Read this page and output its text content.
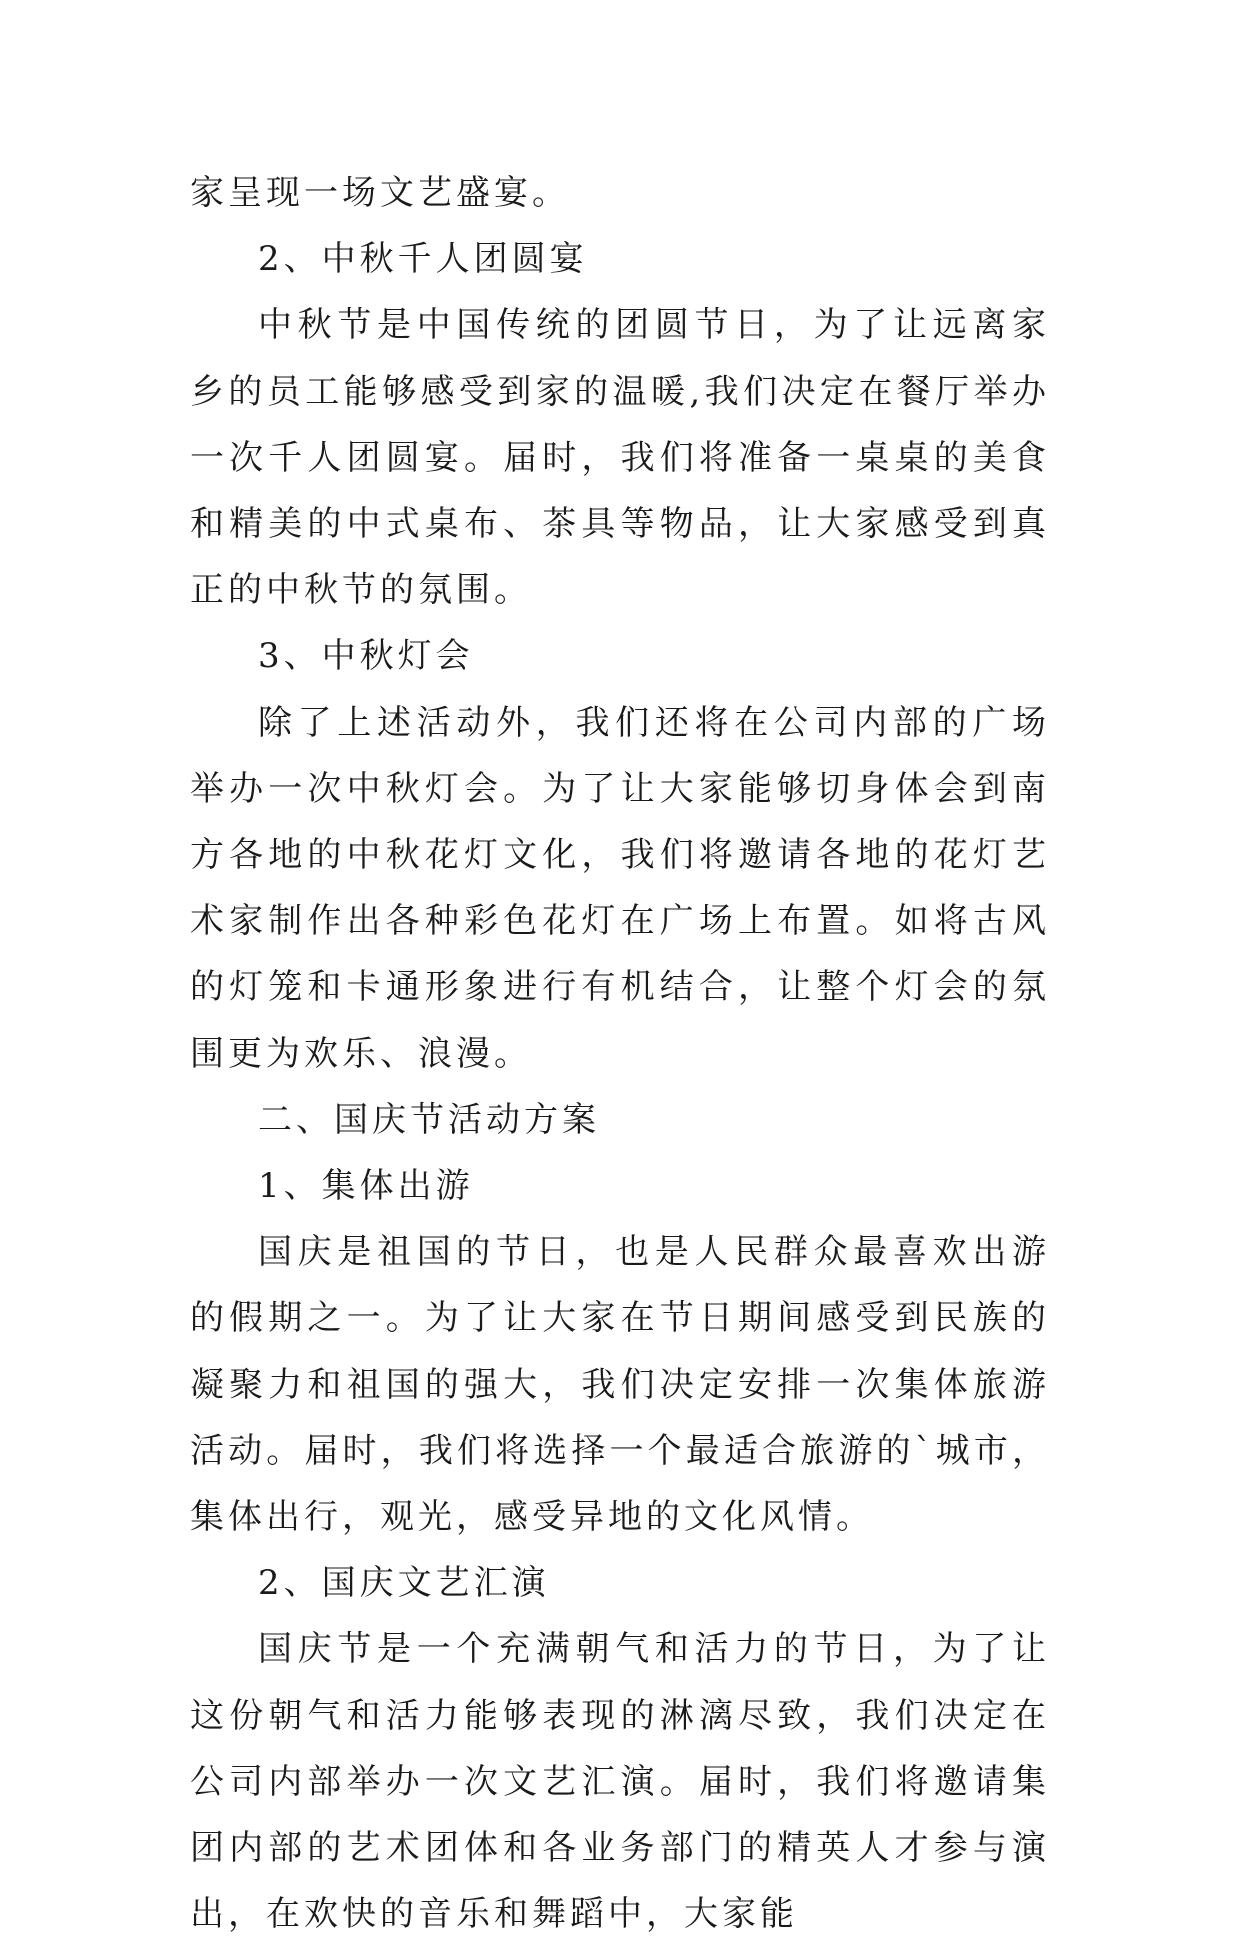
家呈现一场文艺盛宴。

2、中秋千人团圆宴

中秋节是中国传统的团圆节日，为了让远离家乡的员工能够感受到家的温暖,我们决定在餐厅举办一次千人团圆宴。届时，我们将准备一桌桌的美食和精美的中式桌布、茶具等物品，让大家感受到真正的中秋节的氛围。

3、中秋灯会

除了上述活动外，我们还将在公司内部的广场举办一次中秋灯会。为了让大家能够切身体会到南方各地的中秋花灯文化，我们将邀请各地的花灯艺术家制作出各种彩色花灯在广场上布置。如将古风的灯笼和卡通形象进行有机结合，让整个灯会的氛围更为欢乐、浪漫。

二、国庆节活动方案

1、集体出游

国庆是祖国的节日，也是人民群众最喜欢出游的假期之一。为了让大家在节日期间感受到民族的凝聚力和祖国的强大，我们决定安排一次集体旅游活动。届时，我们将选择一个最适合旅游的`城市，集体出行，观光，感受异地的文化风情。

2、国庆文艺汇演

国庆节是一个充满朝气和活力的节日，为了让这份朝气和活力能够表现的淋漓尽致，我们决定在公司内部举办一次文艺汇演。届时，我们将邀请集团内部的艺术团体和各业务部门的精英人才参与演出，在欢快的音乐和舞蹈中，大家能
